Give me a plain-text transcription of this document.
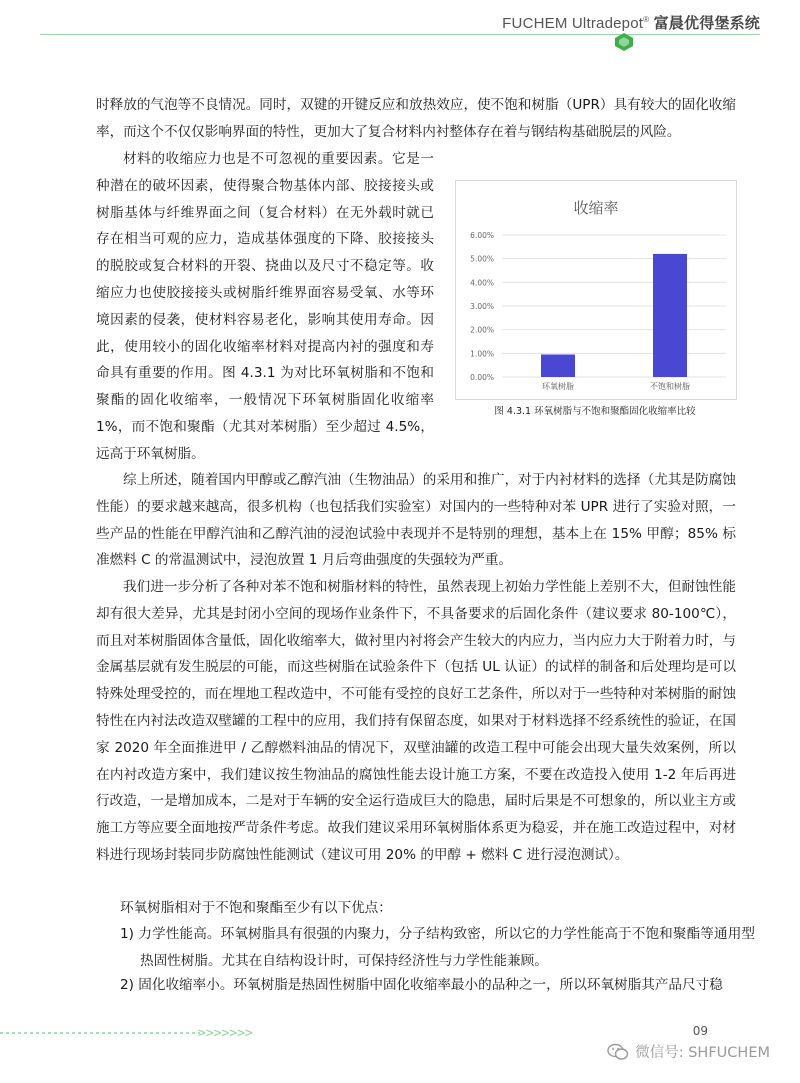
FUCHEM Ultradepot® 富晨优得堡系统

时释放的气泡等不良情况。同时，双键的开键反应和放热效应，使不饱和树脂（UPR）具有较大的固化收缩率，而这个不仅仅影响界面的特性，更加大了复合材料内衬整体存在着与钢结构基础脱层的风险。

材料的收缩应力也是不可忽视的重要因素。它是一种潜在的破坏因素，使得聚合物基体内部、胶接接头或树脂基体与纤维界面之间（复合材料）在无外载时就已存在相当可观的应力，造成基体强度的下降、胶接接头的脱胶或复合材料的开裂、挠曲以及尺寸不稳定等。收缩应力也使胶接接头或树脂纤维界面容易受氧、水等环境因素的侵袭，使材料容易老化，影响其使用寿命。因此，使用较小的固化收缩率材料对提高内衬的强度和寿命具有重要的作用。图 4.3.1 为对比环氧树脂和不饱和聚酯的固化收缩率，一般情况下环氧树脂固化收缩率 1%，而不饱和聚酯（尤其对苯树脂）至少超过 4.5%，远高于环氧树脂。

收缩率
0.00%
1.00%
2.00%
3.00%
4.00%
5.00%
6.00%
环氧树脂	不饱和树脂
图 4.3.1 环氧树脂与不饱和聚酯固化收缩率比较

综上所述，随着国内甲醇或乙醇汽油（生物油品）的采用和推广，对于内衬材料的选择（尤其是防腐蚀性能）的要求越来越高，很多机构（也包括我们实验室）对国内的一些特种对苯 UPR 进行了实验对照，一些产品的性能在甲醇汽油和乙醇汽油的浸泡试验中表现并不是特别的理想，基本上在 15% 甲醇；85% 标准燃料 C 的常温测试中，浸泡放置 1 月后弯曲强度的失强较为严重。

我们进一步分析了各种对苯不饱和树脂材料的特性，虽然表现上初始力学性能上差别不大，但耐蚀性能却有很大差异，尤其是封闭小空间的现场作业条件下，不具备要求的后固化条件（建议要求 80-100℃），而且对苯树脂固体含量低，固化收缩率大，做衬里内衬将会产生较大的内应力，当内应力大于附着力时，与金属基层就有发生脱层的可能，而这些树脂在试验条件下（包括 UL 认证）的试样的制备和后处理均是可以特殊处理受控的，而在埋地工程改造中，不可能有受控的良好工艺条件，所以对于一些特种对苯树脂的耐蚀特性在内衬法改造双壁罐的工程中的应用，我们持有保留态度，如果对于材料选择不经系统性的验证，在国家 2020 年全面推进甲 / 乙醇燃料油品的情况下，双壁油罐的改造工程中可能会出现大量失效案例，所以在内衬改造方案中，我们建议按生物油品的腐蚀性能去设计施工方案，不要在改造投入使用 1-2 年后再进行改造，一是增加成本，二是对于车辆的安全运行造成巨大的隐患，届时后果是不可想象的，所以业主方或施工方等应要全面地按严苛条件考虑。故我们建议采用环氧树脂体系更为稳妥，并在施工改造过程中，对材料进行现场封装同步防腐蚀性能测试（建议可用 20% 的甲醇 + 燃料 C 进行浸泡测试）。

环氧树脂相对于不饱和聚酯至少有以下优点：

1) 力学性能高。环氧树脂具有很强的内聚力，分子结构致密，所以它的力学性能高于不饱和聚酯等通用型热固性树脂。尤其在自结构设计时，可保持经济性与力学性能兼顾。

2) 固化收缩率小。环氧树脂是热固性树脂中固化收缩率最小的品种之一，所以环氧树脂其产品尺寸稳

>>>>>>>	09
微信号: SHFUCHEM
